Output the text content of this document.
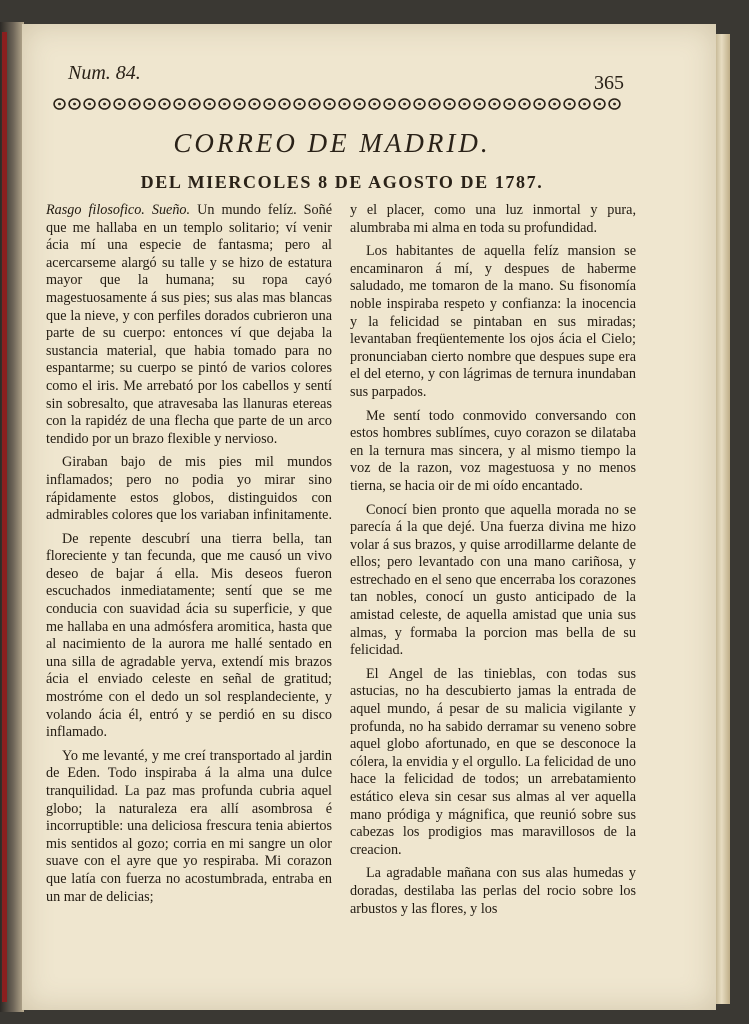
Num. 84.	365
CORREO DE MADRID.
DEL MIERCOLES 8 DE AGOSTO DE 1787.

Rasgo filosofico. Sueño. Un mundo felíz. Soñé que me hallaba en un templo solitario; ví venir ácia mí una especie de fantasma; pero al acercarseme alargó su talle y se hizo de estatura mayor que la humana; su ropa cayó magestuosamente á sus pies; sus alas mas blancas que la nieve, y con perfiles dorados cubrieron una parte de su cuerpo: entonces ví que dejaba la sustancia material, que habia tomado para no espantarme; su cuerpo se pintó de varios colores como el iris. Me arrebató por los cabellos y sentí sin sobresalto, que atravesaba las llanuras etereas con la rapidéz de una flecha que parte de un arco tendido por un brazo flexible y nervioso.

Giraban bajo de mis pies mil mundos inflamados; pero no podia yo mirar sino rápidamente estos globos, distinguidos con admirables colores que los variaban infinitamente.

De repente descubrí una tierra bella, tan floreciente y tan fecunda, que me causó un vivo deseo de bajar á ella. Mis deseos fueron escuchados inmediatamente; sentí que se me conducia con suavidad ácia su superficie, y que me hallaba en una admósfera aromitica, hasta que al nacimiento de la aurora me hallé sentado en una silla de agradable yerva, extendí mis brazos ácia el enviado celeste en señal de gratitud; mostróme con el dedo un sol resplandeciente, y volando ácia él, entró y se perdió en su disco inflamado.

Yo me levanté, y me creí transportado al jardin de Eden. Todo inspiraba á la alma una dulce tranquilidad. La paz mas profunda cubria aquel globo; la naturaleza era allí asombrosa é incorruptible: una deliciosa frescura tenia abiertos mis sentidos al gozo; corria en mi sangre un olor suave con el ayre que yo respiraba. Mi corazon que latía con fuerza no acostumbrada, entraba en un mar de delicias;

y el placer, como una luz inmortal y pura, alumbraba mi alma en toda su profundidad.

Los habitantes de aquella felíz mansion se encaminaron á mí, y despues de haberme saludado, me tomaron de la mano. Su fisonomía noble inspiraba respeto y confianza: la inocencia y la felicidad se pintaban en sus miradas; levantaban freqüentemente los ojos ácia el Cielo; pronunciaban cierto nombre que despues supe era el del eterno, y con lágrimas de ternura inundaban sus parpados.

Me sentí todo conmovido conversando con estos hombres sublímes, cuyo corazon se dilataba en la ternura mas sincera, y al mismo tiempo la voz de la razon, voz magestuosa y no menos tierna, se hacia oir de mi oído encantado.

Conocí bien pronto que aquella morada no se parecía á la que dejé. Una fuerza divina me hizo volar á sus brazos, y quise arrodillarme delante de ellos; pero levantado con una mano cariñosa, y estrechado en el seno que encerraba los corazones tan nobles, conocí un gusto anticipado de la amistad celeste, de aquella amistad que unia sus almas, y formaba la porcion mas bella de su felicidad.

El Angel de las tinieblas, con todas sus astucias, no ha descubierto jamas la entrada de aquel mundo, á pesar de su malicia vigilante y profunda, no ha sabido derramar su veneno sobre aquel globo afortunado, en que se desconoce la cólera, la envidia y el orgullo. La felicidad de uno hace la felicidad de todos; un arrebatamiento estático eleva sin cesar sus almas al ver aquella mano pródiga y mágnifica, que reunió sobre sus cabezas los prodigios mas maravillosos de la creacion.

La agradable mañana con sus alas humedas y doradas, destilaba las perlas del rocio sobre los arbustos y las flores, y los
